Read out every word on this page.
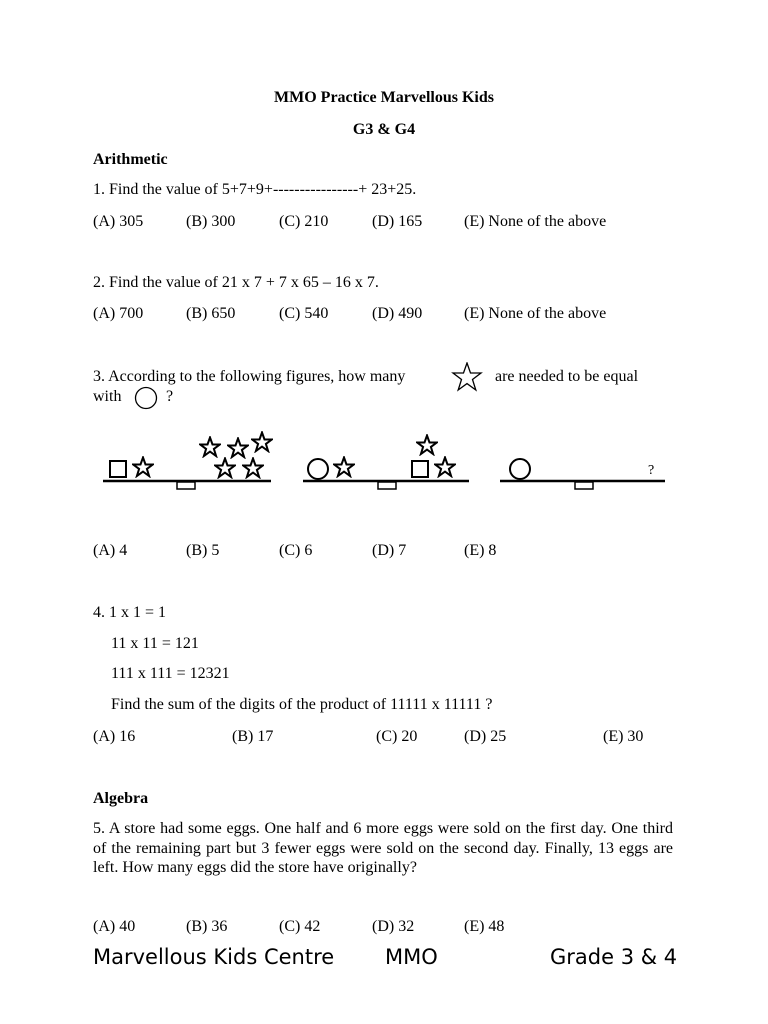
MMO Practice Marvellous Kids
G3 & G4
Arithmetic
1. Find the value of 5+7+9+----------------+ 23+25.
(A) 305	(B) 300	(C) 210	(D) 165	(E) None of the above
2. Find the value of 21 x 7 + 7 x 65 – 16 x 7.
(A) 700	(B) 650	(C) 540	(D) 490	(E) None of the above
3. According to the following figures, how many	are needed to be equal
with	?
?
(A) 4	(B) 5	(C) 6	(D) 7	(E) 8
4. 1 x 1 = 1
11 x 11 = 121
111 x 111 = 12321
Find the sum of the digits of the product of 11111 x 11111 ?
(A) 16	(B) 17	(C) 20	(D) 25	(E) 30
Algebra
5. A store had some eggs. One half and 6 more eggs were sold on the first day. One third of the remaining part but 3 fewer eggs were sold on the second day. Finally, 13 eggs are left. How many eggs did the store have originally?
(A) 40	(B) 36	(C) 42	(D) 32	(E) 48
Marvellous Kids Centre MMO	Grade 3 & 4
